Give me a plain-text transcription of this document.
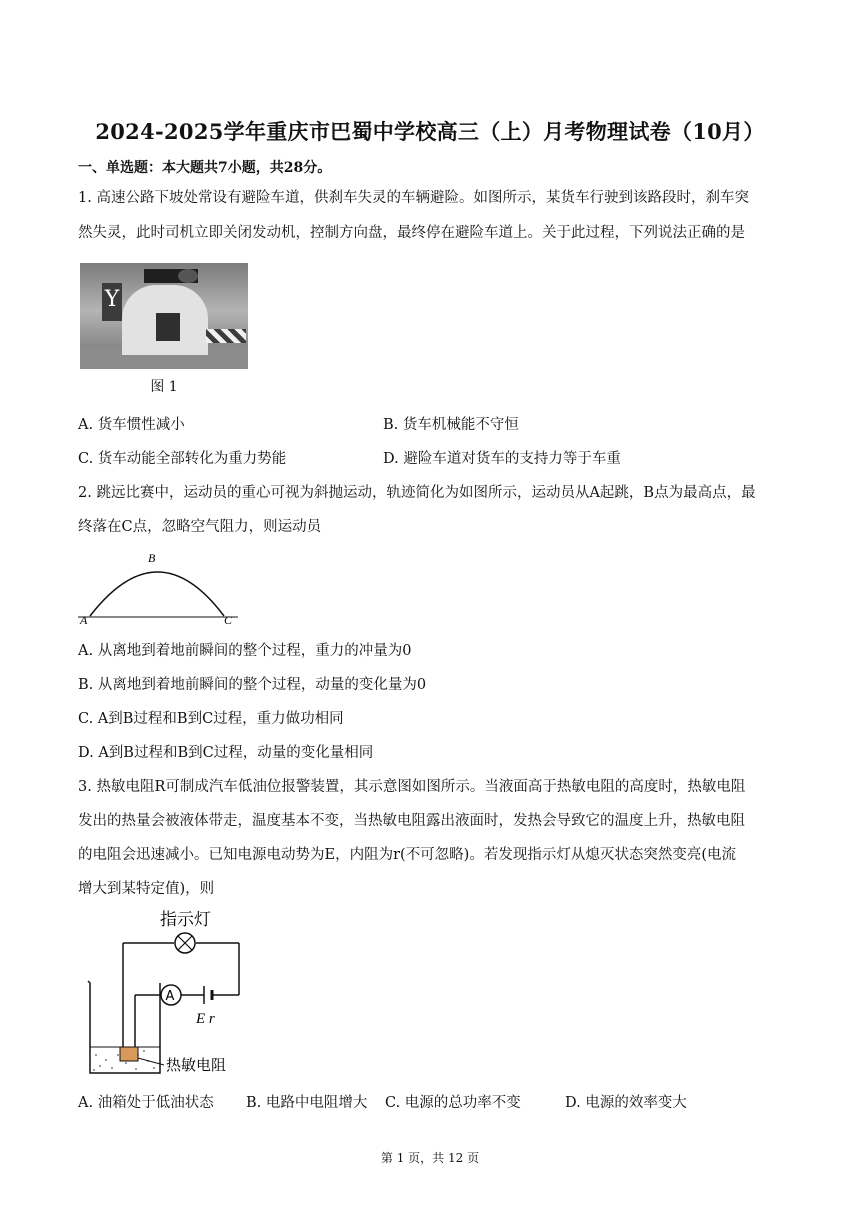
2024-2025学年重庆市巴蜀中学校高三（上）月考物理试卷（10月）
一、单选题：本大题共7小题，共28分。
1. 高速公路下坡处常设有避险车道，供刹车失灵的车辆避险。如图所示，某货车行驶到该路段时，刹车突
然失灵，此时司机立即关闭发动机，控制方向盘，最终停在避险车道上。关于此过程，下列说法正确的是
Y
图 1
A. 货车惯性减小	B. 货车机械能不守恒
C. 货车动能全部转化为重力势能	D. 避险车道对货车的支持力等于车重
2. 跳远比赛中，运动员的重心可视为斜抛运动，轨迹简化为如图所示，运动员从A起跳，B点为最高点，最
终落在C点，忽略空气阻力，则运动员
B
A	C
A. 从离地到着地前瞬间的整个过程，重力的冲量为0
B. 从离地到着地前瞬间的整个过程，动量的变化量为0
C. A到B过程和B到C过程，重力做功相同
D. A到B过程和B到C过程，动量的变化量相同
3. 热敏电阻R可制成汽车低油位报警装置，其示意图如图所示。当液面高于热敏电阻的高度时，热敏电阻
发出的热量会被液体带走，温度基本不变，当热敏电阻露出液面时，发热会导致它的温度上升，热敏电阻
的电阻会迅速减小。已知电源电动势为E，内阻为r(不可忽略)。若发现指示灯从熄灭状态突然变亮(电流
增大到某特定值)，则
热敏电阻
指示灯
A
E r
A. 油箱处于低油状态 B. 电路中电阻增大 C. 电源的总功率不变	D. 电源的效率变大
第 1 页，共 12 页
